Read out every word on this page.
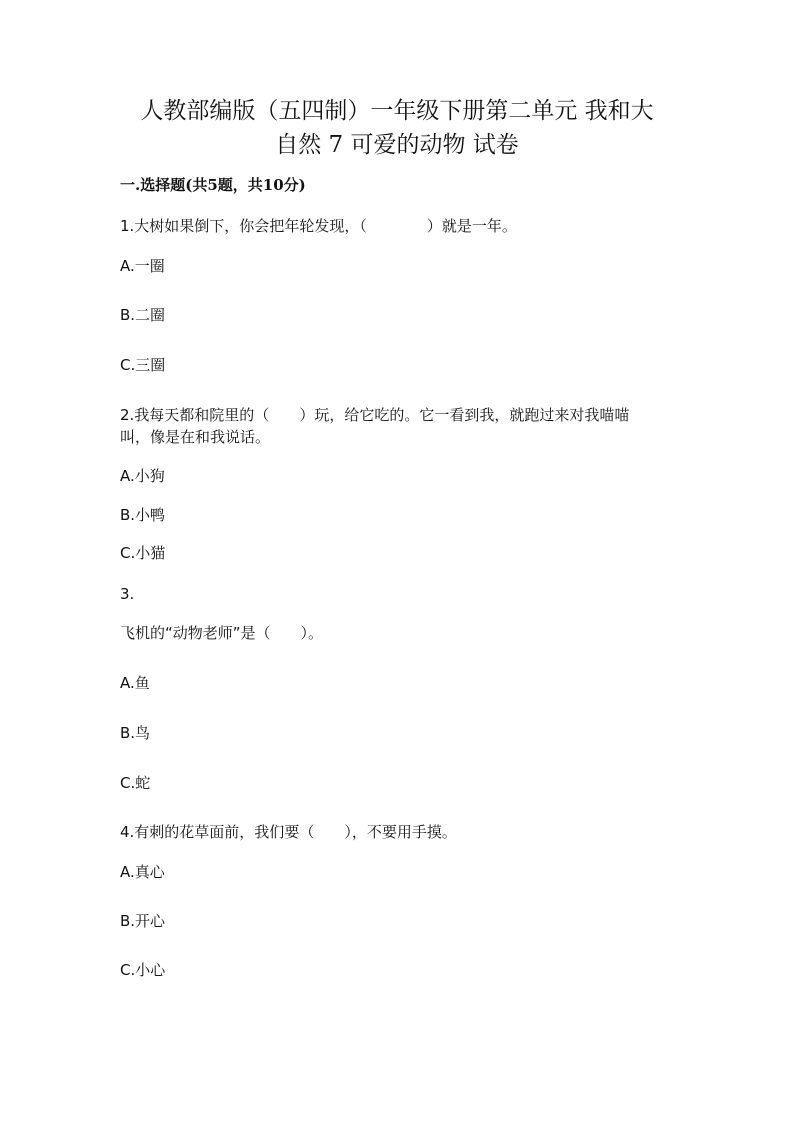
人教部编版（五四制）一年级下册第二单元 我和大
自然 7 可爱的动物 试卷
一.选择题(共5题，共10分)
1.大树如果倒下，你会把年轮发现，（　　　　）就是一年。
A.一圈
B.二圈
C.三圈
2.我每天都和院里的（　　）玩，给它吃的。它一看到我，就跑过来对我喵喵
叫，像是在和我说话。
A.小狗
B.小鸭
C.小猫
3.
飞机的“动物老师”是（　　）。
A.鱼
B.鸟
C.蛇
4.有刺的花草面前，我们要（　　），不要用手摸。
A.真心
B.开心
C.小心
